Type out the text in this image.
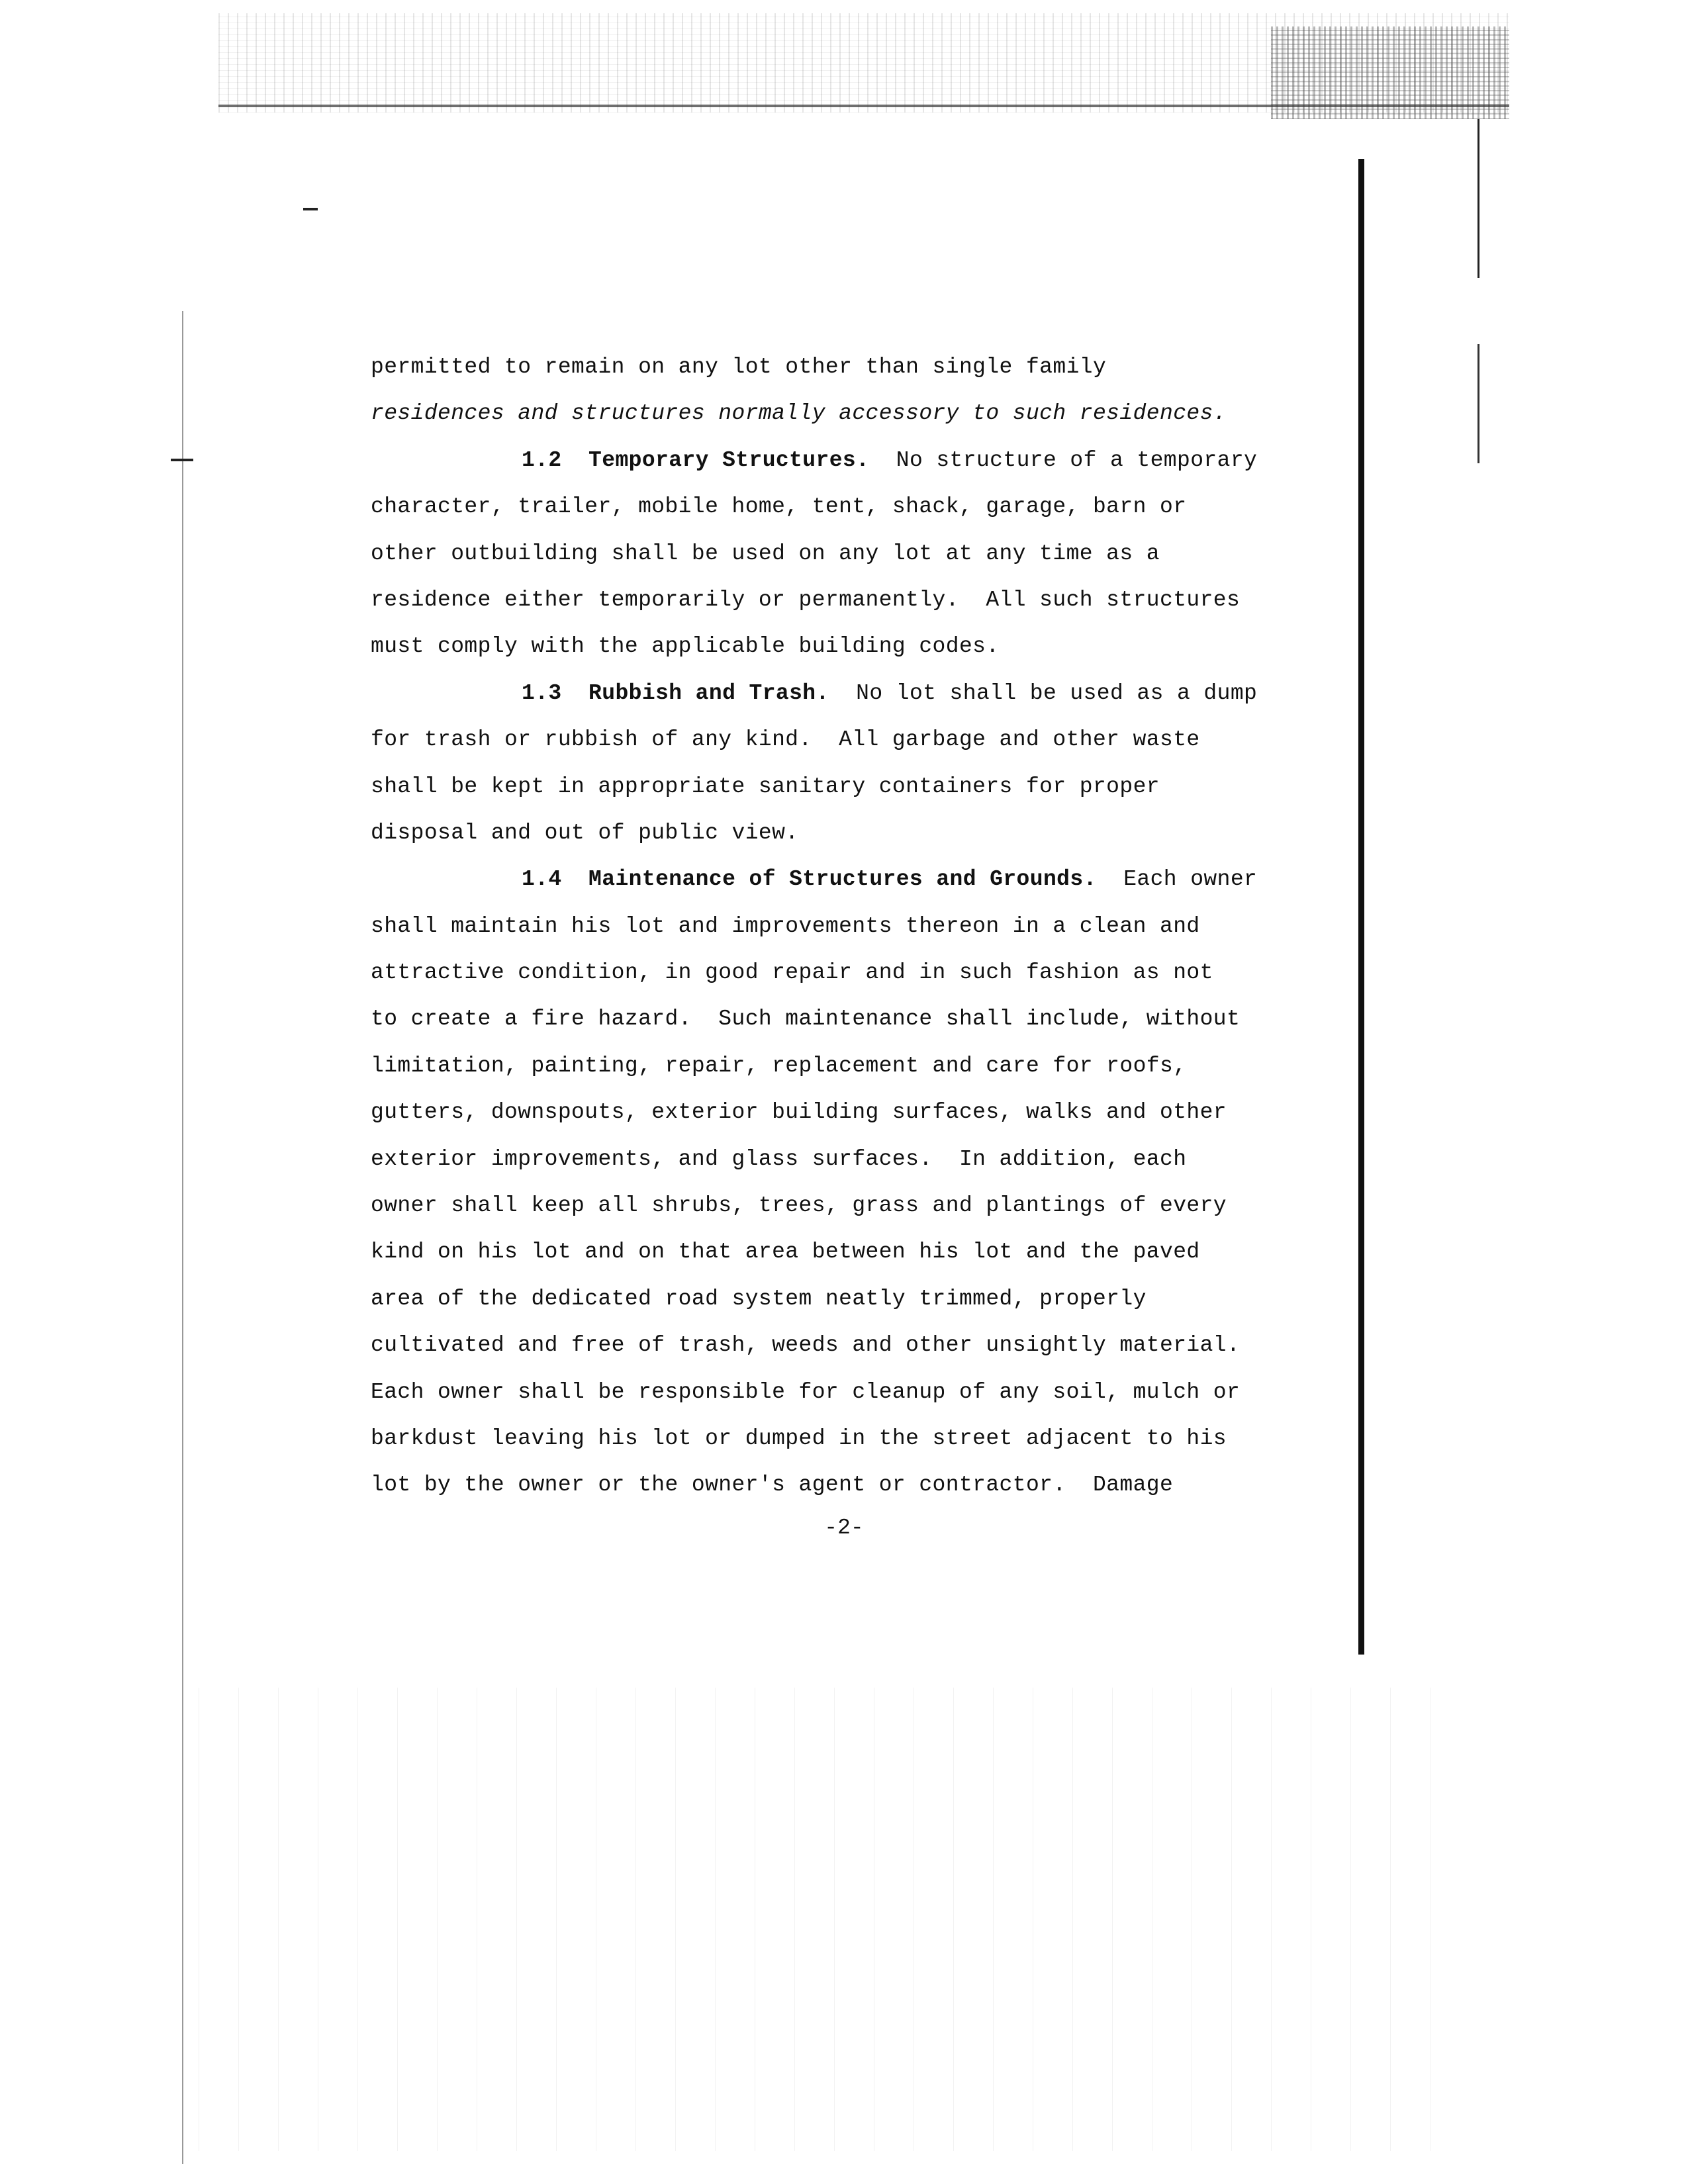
permitted to remain on any lot other than single family

residences and structures normally accessory to such residences.

1.2 Temporary Structures.  No structure of a temporary

character, trailer, mobile home, tent, shack, garage, barn or

other outbuilding shall be used on any lot at any time as a

residence either temporarily or permanently.  All such structures

must comply with the applicable building codes.

1.3 Rubbish and Trash.  No lot shall be used as a dump

for trash or rubbish of any kind.  All garbage and other waste

shall be kept in appropriate sanitary containers for proper

disposal and out of public view.

1.4 Maintenance of Structures and Grounds.  Each owner

shall maintain his lot and improvements thereon in a clean and

attractive condition, in good repair and in such fashion as not

to create a fire hazard.  Such maintenance shall include, without

limitation, painting, repair, replacement and care for roofs,

gutters, downspouts, exterior building surfaces, walks and other

exterior improvements, and glass surfaces.  In addition, each

owner shall keep all shrubs, trees, grass and plantings of every

kind on his lot and on that area between his lot and the paved

area of the dedicated road system neatly trimmed, properly

cultivated and free of trash, weeds and other unsightly material.

Each owner shall be responsible for cleanup of any soil, mulch or

barkdust leaving his lot or dumped in the street adjacent to his

lot by the owner or the owner's agent or contractor.  Damage

-2-
